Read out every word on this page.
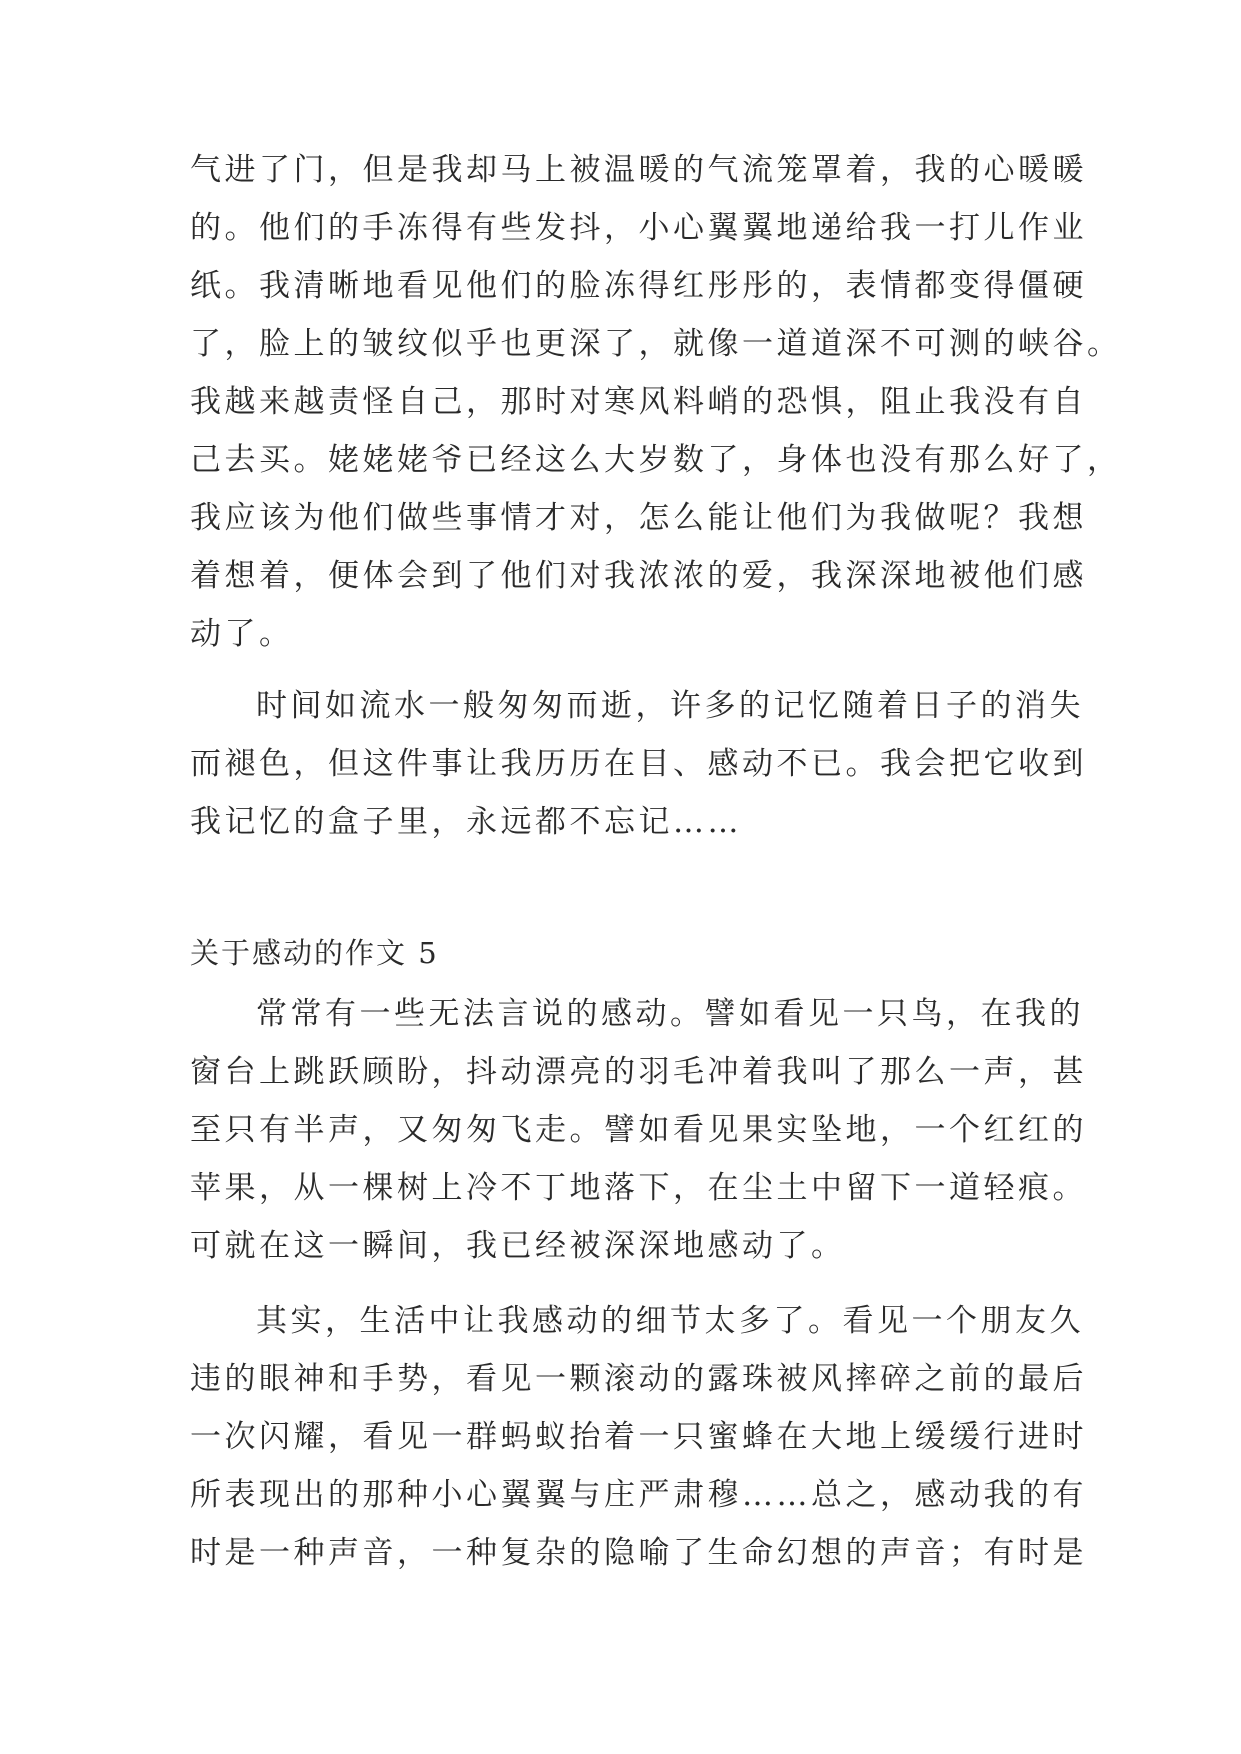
气进了门，但是我却马上被温暖的气流笼罩着，我的心暖暖
的。他们的手冻得有些发抖，小心翼翼地递给我一打儿作业
纸。我清晰地看见他们的脸冻得红彤彤的，表情都变得僵硬
了，脸上的皱纹似乎也更深了，就像一道道深不可测的峡谷。
我越来越责怪自己，那时对寒风料峭的恐惧，阻止我没有自
己去买。姥姥姥爷已经这么大岁数了，身体也没有那么好了，
我应该为他们做些事情才对，怎么能让他们为我做呢？我想
着想着，便体会到了他们对我浓浓的爱，我深深地被他们感
动了。
时间如流水一般匆匆而逝，许多的记忆随着日子的消失
而褪色，但这件事让我历历在目、感动不已。我会把它收到
我记忆的盒子里，永远都不忘记……
关于感动的作文 5
常常有一些无法言说的感动。譬如看见一只鸟，在我的
窗台上跳跃顾盼，抖动漂亮的羽毛冲着我叫了那么一声，甚
至只有半声，又匆匆飞走。譬如看见果实坠地，一个红红的
苹果，从一棵树上冷不丁地落下，在尘土中留下一道轻痕。
可就在这一瞬间，我已经被深深地感动了。
其实，生活中让我感动的细节太多了。看见一个朋友久
违的眼神和手势，看见一颗滚动的露珠被风摔碎之前的最后
一次闪耀，看见一群蚂蚁抬着一只蜜蜂在大地上缓缓行进时
所表现出的那种小心翼翼与庄严肃穆……总之，感动我的有
时是一种声音，一种复杂的隐喻了生命幻想的声音；有时是
